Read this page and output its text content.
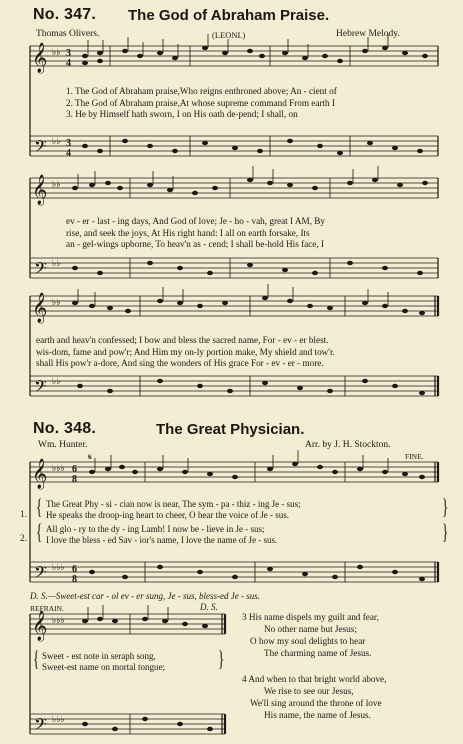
No. 347. The God of Abraham Praise.
Thomas Olivers.	(LEONI.)	Hebrew Melody.
𝄞
𝄢
♭♭
♭♭
3
4
3
4
1. The God of Abraham praise,Who reigns enthroned above; An - cient of
2. The God of Abraham praise,At whose supreme command From earth I
3. He by Himself hath sworn, I on His oath de-pend; I shall, on
𝄞
𝄢
♭♭
♭♭
ev - er - last - ing days, And God of love; Je - ho - vah, great I AM, By
rise, and seek the joys, At His right hand: I all on earth forsake, Its
an - gel-wings upborne, To heav'n as - cend; I shall be-hold His face, I
𝄞
𝄢
♭♭
♭♭
earth and heav'n confessed; I bow and bless the sacred name, For - ev - er blest.
wis-dom, fame and pow'r; And Him my on-ly portion make, My shield and tow'r.
shall His pow'r a-dore, And sing the wonders of His grace For - ev - er - more.
No. 348.	The Great Physician.
Wm. Hunter.	Arr. by J. H. Stockton.
FINE.
𝄞
𝄢
♭♭♭
♭♭♭
6
8
6
8
𝄋
1.
2.
{
{
}
}
The Great Phy - si - cian now is near, The sym - pa - thiz - ing Je - sus;
He speaks the droop-ing heart to cheer, O hear the voice of Je - sus.
All glo - ry to the dy - ing Lamb! I now be - lieve in Je - sus;
I love the bless - ed Sav - ior's name, I love the name of Je - sus.
D. S.—Sweet-est car - ol ev - er sung, Je - sus, bless-ed Je - sus.
REFRAIN.	D. S.
𝄞
𝄢
♭♭♭
♭♭♭
{	}
Sweet - est note in seraph song,
Sweet-est name on mortal tongue;
3 His name dispels my guilt and fear,
No other name but Jesus;
O how my soul delights to hear
The charming name of Jesus.
4 And when to that bright world above,
We rise to see our Jesus,
We'll sing around the throne of love
His name, the name of Jesus.
